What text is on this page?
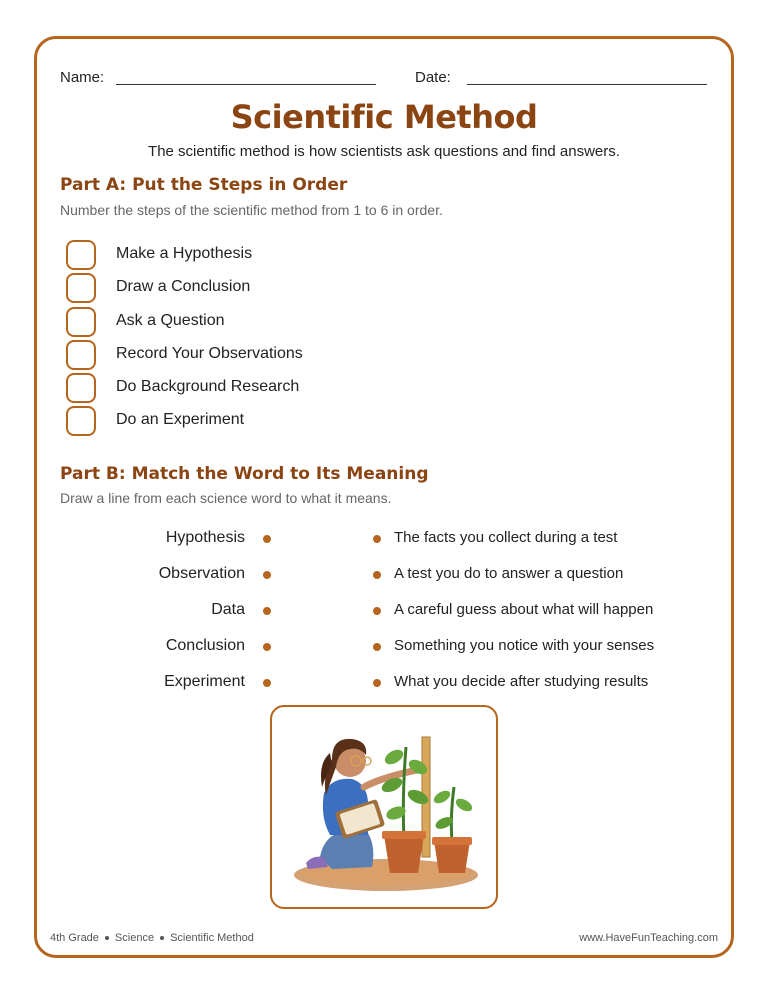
Name:	Date:
Scientific Method
The scientific method is how scientists ask questions and find answers.
Part A: Put the Steps in Order
Number the steps of the scientific method from 1 to 6 in order.
Make a Hypothesis
Draw a Conclusion
Ask a Question
Record Your Observations
Do Background Research
Do an Experiment
Part B: Match the Word to Its Meaning
Draw a line from each science word to what it means.
Hypothesis	The facts you collect during a test
Observation	A test you do to answer a question
Data	A careful guess about what will happen
Conclusion	Something you notice with your senses
Experiment	What you decide after studying results
4th Grade Science Scientific Method	www.HaveFunTeaching.com
